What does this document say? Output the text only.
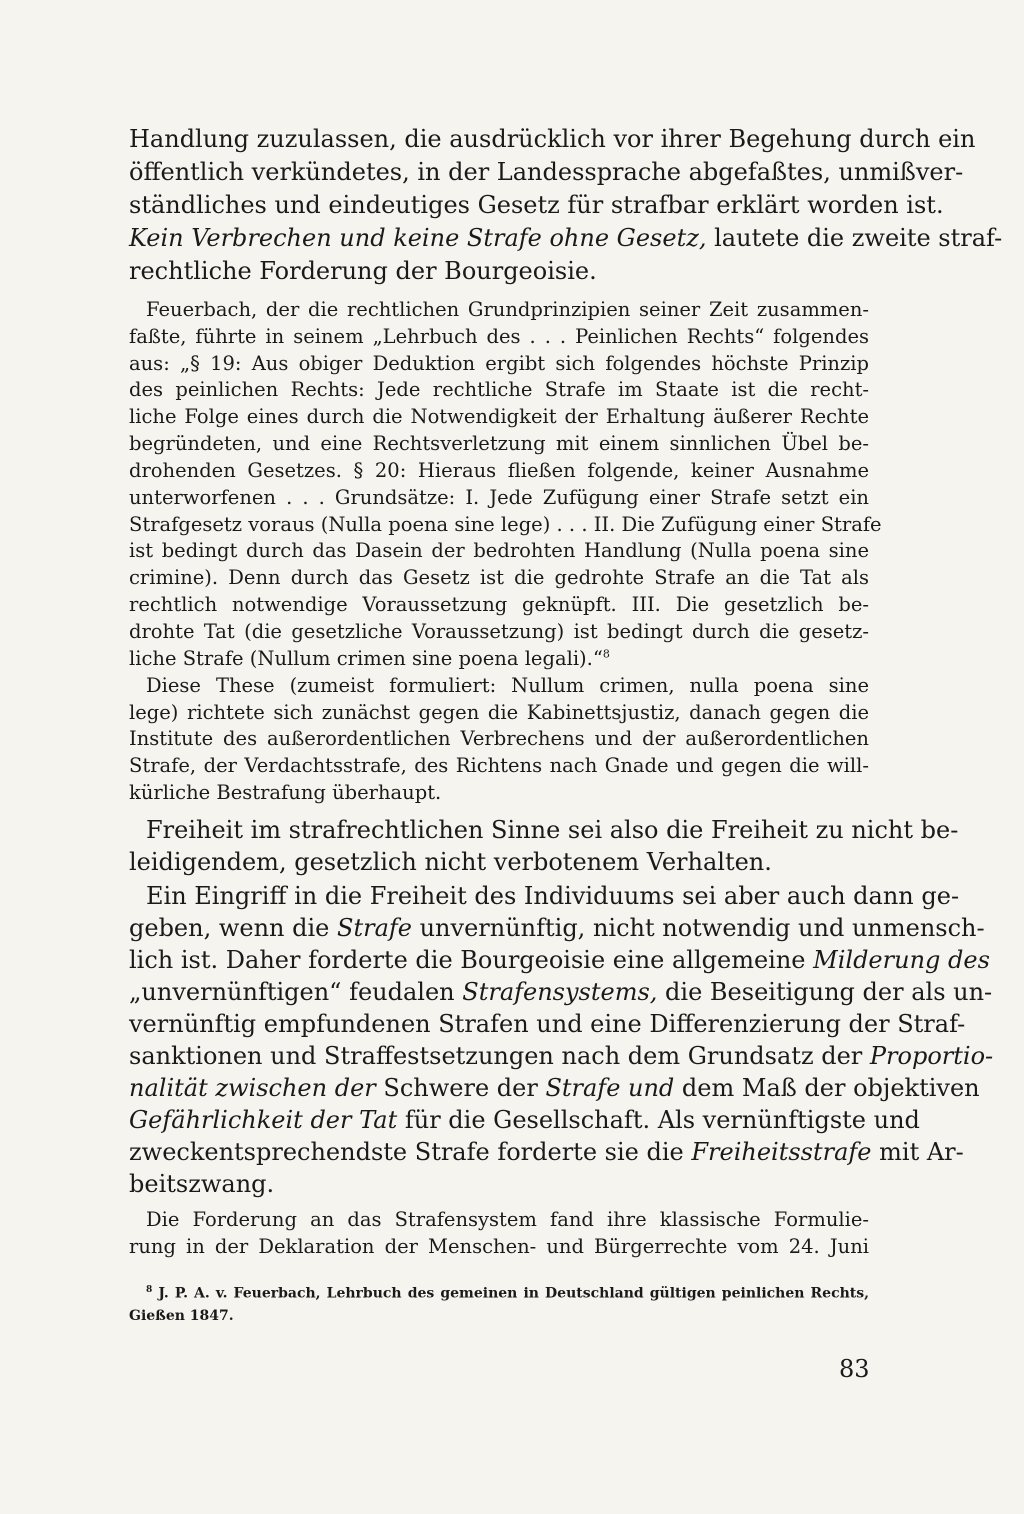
Handlung zuzulassen, die ausdrücklich vor ihrer Begehung durch ein
öffentlich verkündetes, in der Landessprache abgefaßtes, unmißver-
ständliches und eindeutiges Gesetz für strafbar erklärt worden ist.
Kein Verbrechen und keine Strafe ohne Gesetz, lautete die zweite straf-
rechtliche Forderung der Bourgeoisie.
Feuerbach, der die rechtlichen Grundprinzipien seiner Zeit zusammen-
faßte, führte in seinem „Lehrbuch des . . . Peinlichen Rechts“ folgendes
aus: „§ 19: Aus obiger Deduktion ergibt sich folgendes höchste Prinzip
des peinlichen Rechts: Jede rechtliche Strafe im Staate ist die recht-
liche Folge eines durch die Notwendigkeit der Erhaltung äußerer Rechte
begründeten, und eine Rechtsverletzung mit einem sinnlichen Übel be-
drohenden Gesetzes. § 20: Hieraus fließen folgende, keiner Ausnahme
unterworfenen . . . Grundsätze: I. Jede Zufügung einer Strafe setzt ein
Strafgesetz voraus (Nulla poena sine lege) . . . II. Die Zufügung einer Strafe
ist bedingt durch das Dasein der bedrohten Handlung (Nulla poena sine
crimine). Denn durch das Gesetz ist die gedrohte Strafe an die Tat als
rechtlich notwendige Voraussetzung geknüpft. III. Die gesetzlich be-
drohte Tat (die gesetzliche Voraussetzung) ist bedingt durch die gesetz-
liche Strafe (Nullum crimen sine poena legali).“$^8$
Diese These (zumeist formuliert: Nullum crimen, nulla poena sine
lege) richtete sich zunächst gegen die Kabinettsjustiz, danach gegen die
Institute des außerordentlichen Verbrechens und der außerordentlichen
Strafe, der Verdachtsstrafe, des Richtens nach Gnade und gegen die will-
kürliche Bestrafung überhaupt.
Freiheit im strafrechtlichen Sinne sei also die Freiheit zu nicht be-
leidigendem, gesetzlich nicht verbotenem Verhalten.
Ein Eingriff in die Freiheit des Individuums sei aber auch dann ge-
geben, wenn die Strafe unvernünftig, nicht notwendig und unmensch-
lich ist. Daher forderte die Bourgeoisie eine allgemeine Milderung des
„unvernünftigen“ feudalen Strafensystems, die Beseitigung der als un-
vernünftig empfundenen Strafen und eine Differenzierung der Straf-
sanktionen und Straffestsetzungen nach dem Grundsatz der Proportio-
nalität zwischen der Schwere der Strafe und dem Maß der objektiven
Gefährlichkeit der Tat für die Gesellschaft. Als vernünftigste und
zweckentsprechendste Strafe forderte sie die Freiheitsstrafe mit Ar-
beitszwang.
Die Forderung an das Strafensystem fand ihre klassische Formulie-
rung in der Deklaration der Menschen- und Bürgerrechte vom 24. Juni
$^8$ J. P. A. v. Feuerbach, Lehrbuch des gemeinen in Deutschland gültigen peinlichen Rechts,
Gießen 1847.
83
